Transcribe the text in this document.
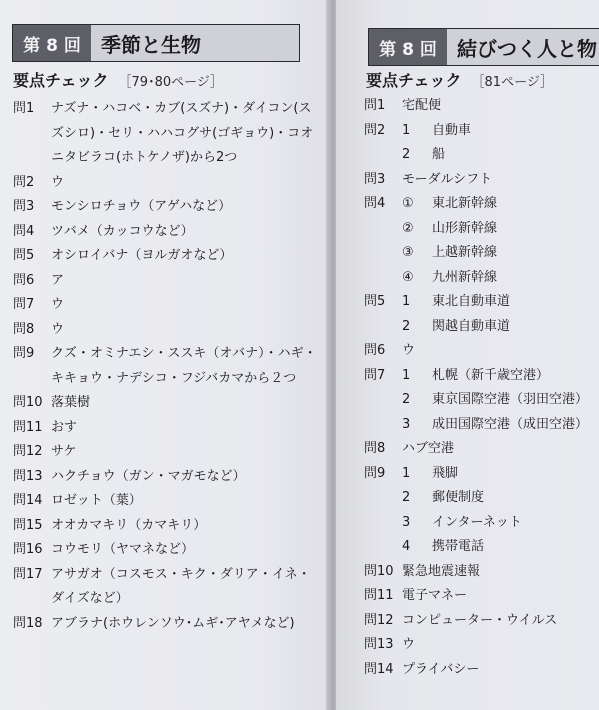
第 8 回	季節と生物
要点チェック ［79･80ページ］
問1	ナズナ・ハコベ・カブ(スズナ)・ダイコン(スズシロ)・セリ・ハハコグサ(ゴギョウ)・コオニタビラコ(ホトケノザ)から2つ
問2	ウ
問3	モンシロチョウ（アゲハなど）
問4	ツバメ（カッコウなど）
問5	オシロイバナ（ヨルガオなど）
問6	ア
問7	ウ
問8	ウ
問9	クズ・オミナエシ・ススキ（オバナ）・ハギ・キキョウ・ナデシコ・フジバカマから２つ
問10 落葉樹
問11 おす
問12 サケ
問13 ハクチョウ（ガン・マガモなど）
問14 ロゼット（葉）
問15 オオカマキリ（カマキリ）
問16 コウモリ（ヤマネなど）
問17 アサガオ（コスモス・キク・ダリア・イネ・ダイズなど）
問18 アブラナ(ホウレンソウ･ムギ･アヤメなど)
第 8 回	結びつく人と物
要点チェック ［81ページ］
問1	宅配便
問2	1	自動車
2	船
問3	モーダルシフト
問4	①	東北新幹線
②	山形新幹線
③	上越新幹線
④	九州新幹線
問5	1	東北自動車道
2	関越自動車道
問6	ウ
問7	1	札幌（新千歳空港）
2	東京国際空港（羽田空港）
3	成田国際空港（成田空港）
問8	ハブ空港
問9	1	飛脚
2	郵便制度
3	インターネット
4	携帯電話
問10 緊急地震速報
問11 電子マネー
問12 コンピューター・ウイルス
問13 ウ
問14 プライバシー
